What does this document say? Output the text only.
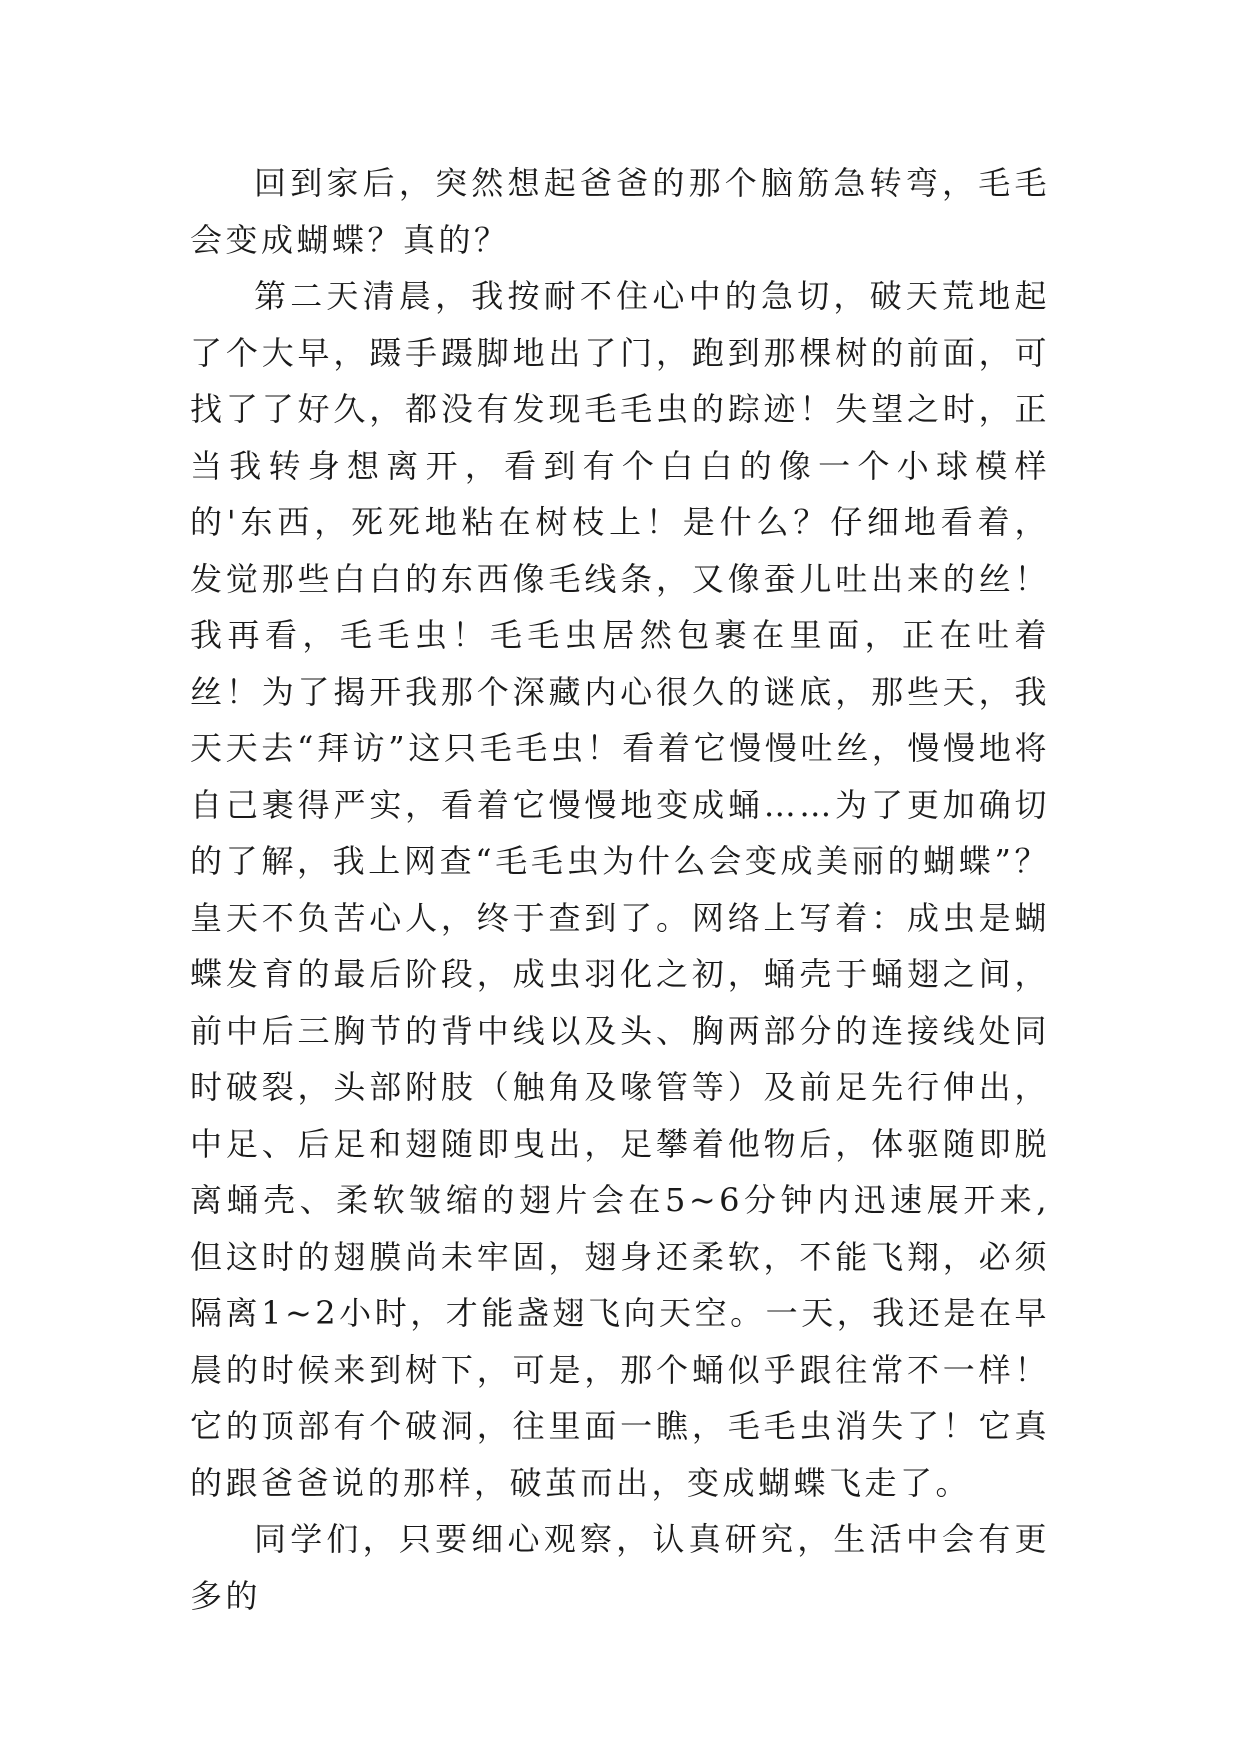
回到家后，突然想起爸爸的那个脑筋急转弯，毛毛会变成蝴蝶？真的？

第二天清晨，我按耐不住心中的急切，破天荒地起了个大早，蹑手蹑脚地出了门，跑到那棵树的前面，可找了了好久，都没有发现毛毛虫的踪迹！失望之时，正当我转身想离开，看到有个白白的像一个小球模样的'东西，死死地粘在树枝上！是什么？仔细地看着，发觉那些白白的东西像毛线条，又像蚕儿吐出来的丝！我再看，毛毛虫！毛毛虫居然包裹在里面，正在吐着丝！为了揭开我那个深藏内心很久的谜底，那些天，我天天去“拜访”这只毛毛虫！看着它慢慢吐丝，慢慢地将自己裹得严实，看着它慢慢地变成蛹……为了更加确切的了解，我上网查“毛毛虫为什么会变成美丽的蝴蝶”？皇天不负苦心人，终于查到了。网络上写着：成虫是蝴蝶发育的最后阶段，成虫羽化之初，蛹壳于蛹翅之间，前中后三胸节的背中线以及头、胸两部分的连接线处同时破裂，头部附肢（触角及喙管等）及前足先行伸出，中足、后足和翅随即曳出，足攀着他物后，体驱随即脱离蛹壳、柔软皱缩的翅片会在5~6分钟内迅速展开来,但这时的翅膜尚未牢固，翅身还柔软，不能飞翔，必须隔离1~2小时，才能盏翅飞向天空。一天，我还是在早晨的时候来到树下，可是，那个蛹似乎跟往常不一样！它的顶部有个破洞，往里面一瞧，毛毛虫消失了！它真的跟爸爸说的那样，破茧而出，变成蝴蝶飞走了。

同学们，只要细心观察，认真研究，生活中会有更多的
